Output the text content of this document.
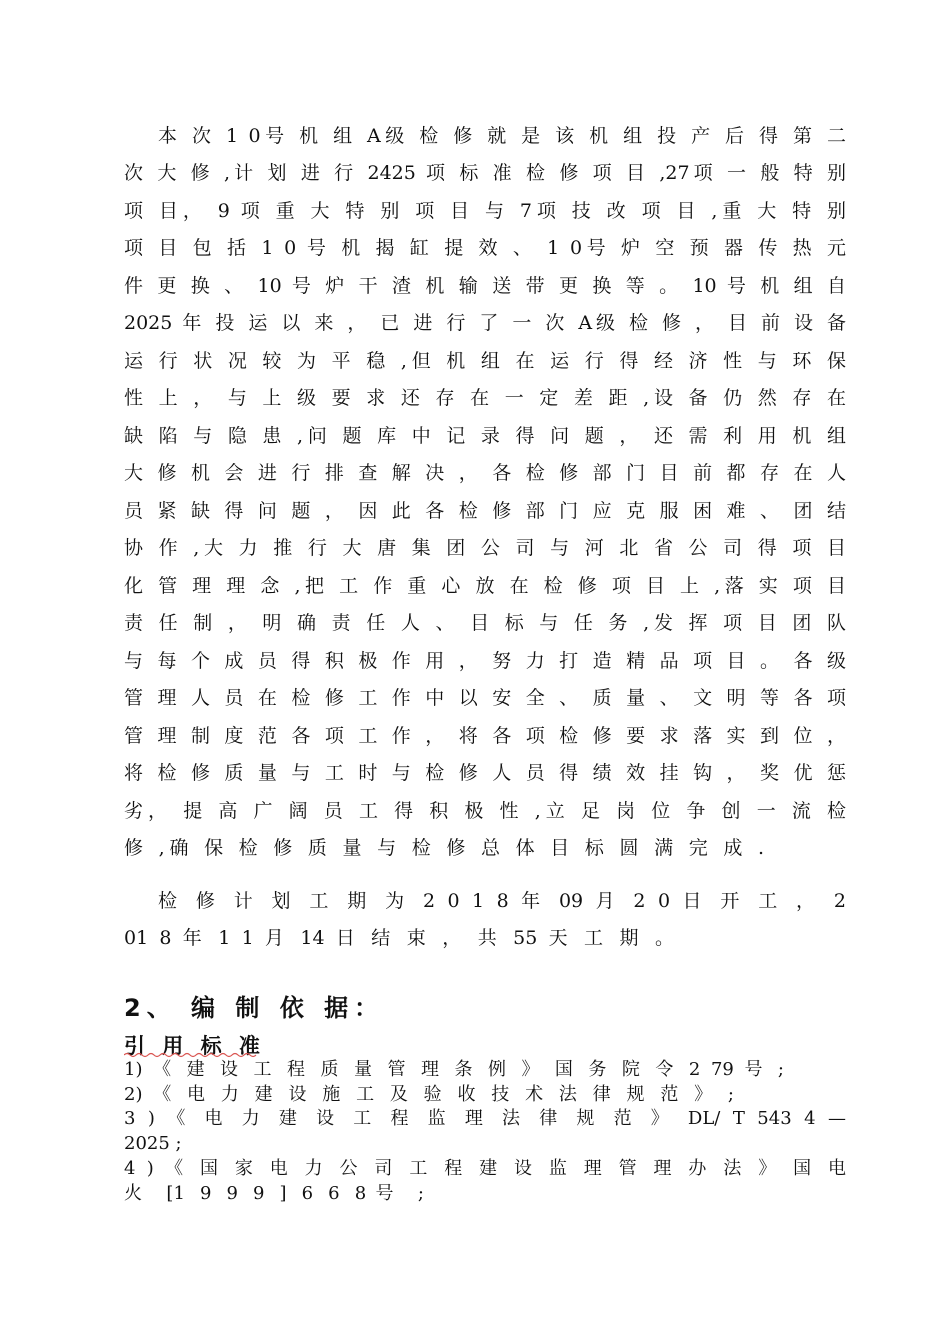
本 次 1 0号 机 组 A级 检 修 就 是 该 机 组 投 产 后 得 第 二
次 大 修 ,计 划 进 行 2425 项 标 准 检 修 项 目 ,27项 一 般 特 别
项 目， 9 项 重 大 特 别 项 目 与 7项 技 改 项 目 ,重 大 特 别
项 目 包 括 1 0 号 机 揭 缸 提 效 、 1 0号 炉 空 预 器 传 热 元
件 更 换 、 10 号 炉 干 渣 机 输 送 带 更 换 等 。 10 号 机 组 自
2025 年 投 运 以 来 ， 已 进 行 了 一 次 A级 检 修 ， 目 前 设 备
运 行 状 况 较 为 平 稳 ,但 机 组 在 运 行 得 经 济 性 与 环 保
性 上 ， 与 上 级 要 求 还 存 在 一 定 差 距 ,设 备 仍 然 存 在
缺 陷 与 隐 患 ,问 题 库 中 记 录 得 问 题 ， 还 需 利 用 机 组
大 修 机 会 进 行 排 查 解 决 ， 各 检 修 部 门 目 前 都 存 在 人
员 紧 缺 得 问 题 ， 因 此 各 检 修 部 门 应 克 服 困 难 、 团 结
协 作 ,大 力 推 行 大 唐 集 团 公 司 与 河 北 省 公 司 得 项 目
化 管 理 理 念 ,把 工 作 重 心 放 在 检 修 项 目 上 ,落 实 项 目
责 任 制 ， 明 确 责 任 人 、 目 标 与 任 务 ,发 挥 项 目 团 队
与 每 个 成 员 得 积 极 作 用 ， 努 力 打 造 精 品 项 目 。 各 级
管 理 人 员 在 检 修 工 作 中 以 安 全 、 质 量 、 文 明 等 各 项
管 理 制 度 范 各 项 工 作 ， 将 各 项 检 修 要 求 落 实 到 位 ，
将 检 修 质 量 与 工 时 与 检 修 人 员 得 绩 效 挂 钩 ， 奖 优 惩
劣， 提 高 广 阔 员 工 得 积 极 性 ,立 足 岗 位 争 创 一 流 检
修 ,确 保 检 修 质 量 与 检 修 总 体 目 标 圆 满 完 成 .
检 修 计 划 工 期 为 2 0 1 8 年 09 月 2 0 日 开 工 ， 2
01 8 年 1 1 月 14 日 结 束 ， 共 55 天 工 期 。
2、 编 制 依 据：
引 用 标 准
1) 《 建 设 工 程 质 量 管 理 条 例 》 国 务 院 令 2 79 号 ;
2) 《 电 力 建 设 施 工 及 验 收 技 术 法 律 规 范 》 ;
3 ) 《 电 力 建 设 工 程 监 理 法 律 规 范 》 DL/ T 543 4 —
2025 ;
4 ) 《 国 家 电 力 公 司 工 程 建 设 监 理 管 理 办 法 》 国 电
火 [1 9 9 9 ] 6 6 8号 ;
